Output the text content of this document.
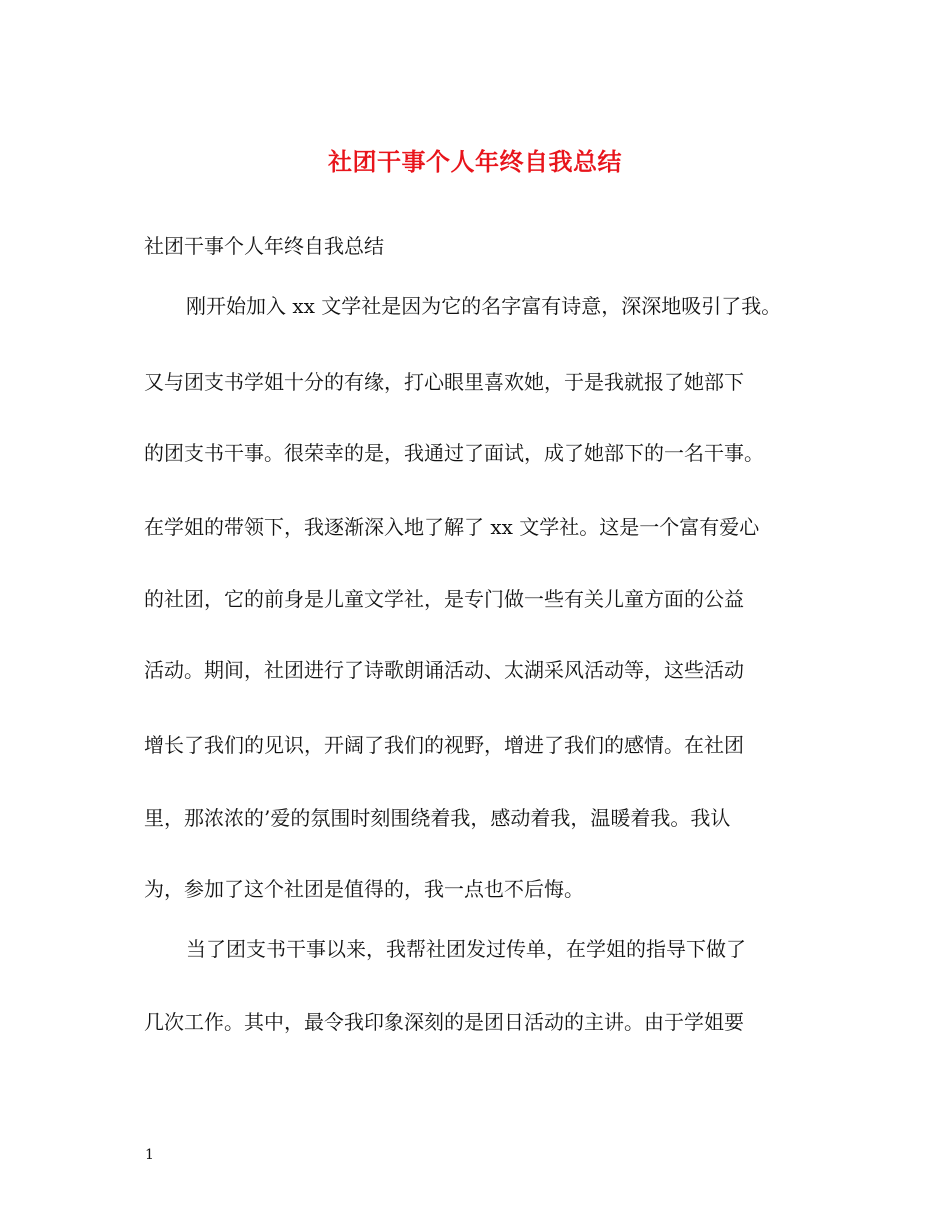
社团干事个人年终自我总结
社团干事个人年终自我总结
刚开始加入 xx 文学社是因为它的名字富有诗意，深深地吸引了我。
又与团支书学姐十分的有缘，打心眼里喜欢她，于是我就报了她部下
的团支书干事。很荣幸的是，我通过了面试，成了她部下的一名干事。
在学姐的带领下，我逐渐深入地了解了 xx 文学社。这是一个富有爱心
的社团，它的前身是儿童文学社，是专门做一些有关儿童方面的公益
活动。期间，社团进行了诗歌朗诵活动、太湖采风活动等，这些活动
增长了我们的见识，开阔了我们的视野，增进了我们的感情。在社团
里，那浓浓的’爱的氛围时刻围绕着我，感动着我，温暖着我。我认
为，参加了这个社团是值得的，我一点也不后悔。
当了团支书干事以来，我帮社团发过传单，在学姐的指导下做了
几次工作。其中，最令我印象深刻的是团日活动的主讲。由于学姐要
1
